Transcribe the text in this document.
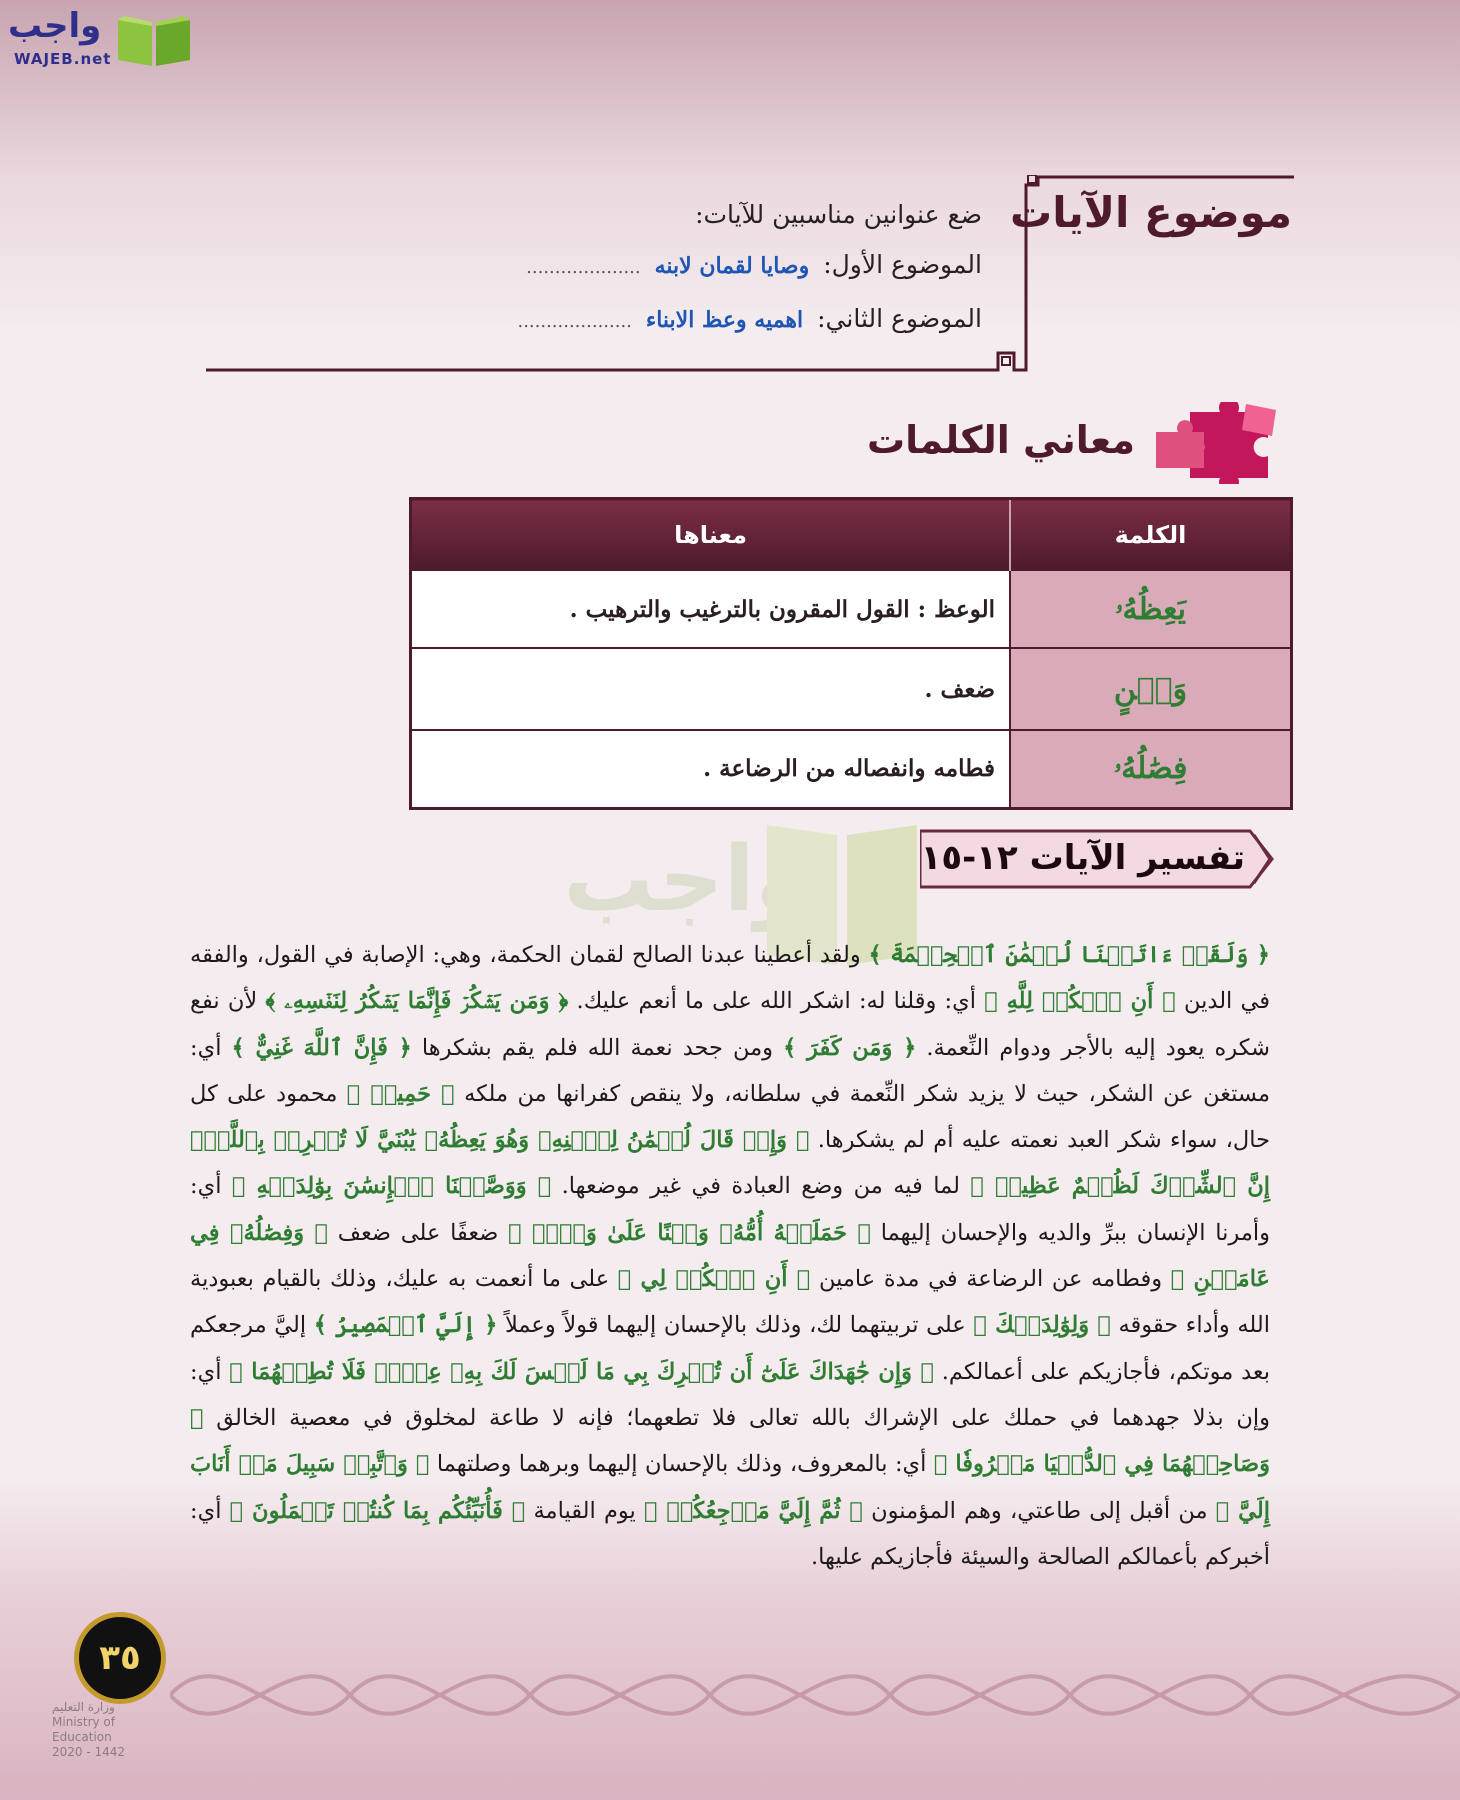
واجب
WAJEB.net
موضوع الآيات
ضع عنوانين مناسبين للآيات:
الموضوع الأول: وصايا لقمان لابنه ....................
الموضوع الثاني: اهميه وعظ الابناء ....................
معاني الكلمات
الكلمة	معناها
يَعِظُهُۥ	الوعظ : القول المقرون بالترغيب والترهيب .
وَهۡنٍ	ضعف .
فِصَٰلُهُۥ	فطامه وانفصاله من الرضاعة .
واجب	تفسير الآيات ١٢-١٥
﴿ وَلَقَدۡ ءَاتَيۡنَا لُقۡمَٰنَ ٱلۡحِكۡمَةَ ﴾ ولقد أعطينا عبدنا الصالح لقمان الحكمة، وهي: الإصابة في القول، والفقه في الدين ﴿ أَنِ ٱشۡكُرۡ لِلَّهِ ﴾ أي: وقلنا له: اشكر الله على ما أنعم عليك. ﴿ وَمَن يَشۡكُرۡ فَإِنَّمَا يَشۡكُرُ لِنَفۡسِهِۦ ﴾ لأن نفع شكره يعود إليه بالأجر ودوام النِّعمة. ﴿ وَمَن كَفَرَ ﴾ ومن جحد نعمة الله فلم يقم بشكرها ﴿ فَإِنَّ ٱللَّهَ غَنِيٌّ ﴾ أي: مستغن عن الشكر، حيث لا يزيد شكر النِّعمة في سلطانه، ولا ينقص كفرانها من ملكه ﴿ حَمِيدٞ ﴾ محمود على كل حال، سواء شكر العبد نعمته عليه أم لم يشكرها. ﴿ وَإِذۡ قَالَ لُقۡمَٰنُ لِٱبۡنِهِۦ وَهُوَ يَعِظُهُۥ يَٰبُنَيَّ لَا تُشۡرِكۡ بِٱللَّهِۖ إِنَّ ٱلشِّرۡكَ لَظُلۡمٌ عَظِيمٞ ﴾ لما فيه من وضع العبادة في غير موضعها. ﴿ وَوَصَّيۡنَا ٱلۡإِنسَٰنَ بِوَٰلِدَيۡهِ ﴾ أي: وأمرنا الإنسان ببرِّ والديه والإحسان إليهما ﴿ حَمَلَتۡهُ أُمُّهُۥ وَهۡنًا عَلَىٰ وَهۡنٖ ﴾ ضعفًا على ضعف ﴿ وَفِصَٰلُهُۥ فِي عَامَيۡنِ ﴾ وفطامه عن الرضاعة في مدة عامين ﴿ أَنِ ٱشۡكُرۡ لِي ﴾ على ما أنعمت به عليك، وذلك بالقيام بعبودية الله وأداء حقوقه ﴿ وَلِوَٰلِدَيۡكَ ﴾ على تربيتهما لك، وذلك بالإحسان إليهما قولاً وعملاً ﴿ إِلَيَّ ٱلۡمَصِيرُ ﴾ إليَّ مرجعكم بعد موتكم، فأجازيكم على أعمالكم. ﴿ وَإِن جَٰهَدَاكَ عَلَىٰٓ أَن تُشۡرِكَ بِي مَا لَيۡسَ لَكَ بِهِۦ عِلۡمٞ فَلَا تُطِعۡهُمَا ﴾ أي: وإن بذلا جهدهما في حملك على الإشراك بالله تعالى فلا تطعهما؛ فإنه لا طاعة لمخلوق في معصية الخالق ﴿ وَصَاحِبۡهُمَا فِي ٱلدُّنۡيَا مَعۡرُوفٗا ﴾ أي: بالمعروف، وذلك بالإحسان إليهما وبرهما وصلتهما ﴿ وَٱتَّبِعۡ سَبِيلَ مَنۡ أَنَابَ إِلَيَّ ﴾ من أقبل إلى طاعتي، وهم المؤمنون ﴿ ثُمَّ إِلَيَّ مَرۡجِعُكُمۡ ﴾ يوم القيامة ﴿ فَأُنَبِّئُكُم بِمَا كُنتُمۡ تَعۡمَلُونَ ﴾ أي: أخبركم بأعمالكم الصالحة والسيئة فأجازيكم عليها.
٣٥
وزارة التعليم
Ministry of Education
2020 - 1442
